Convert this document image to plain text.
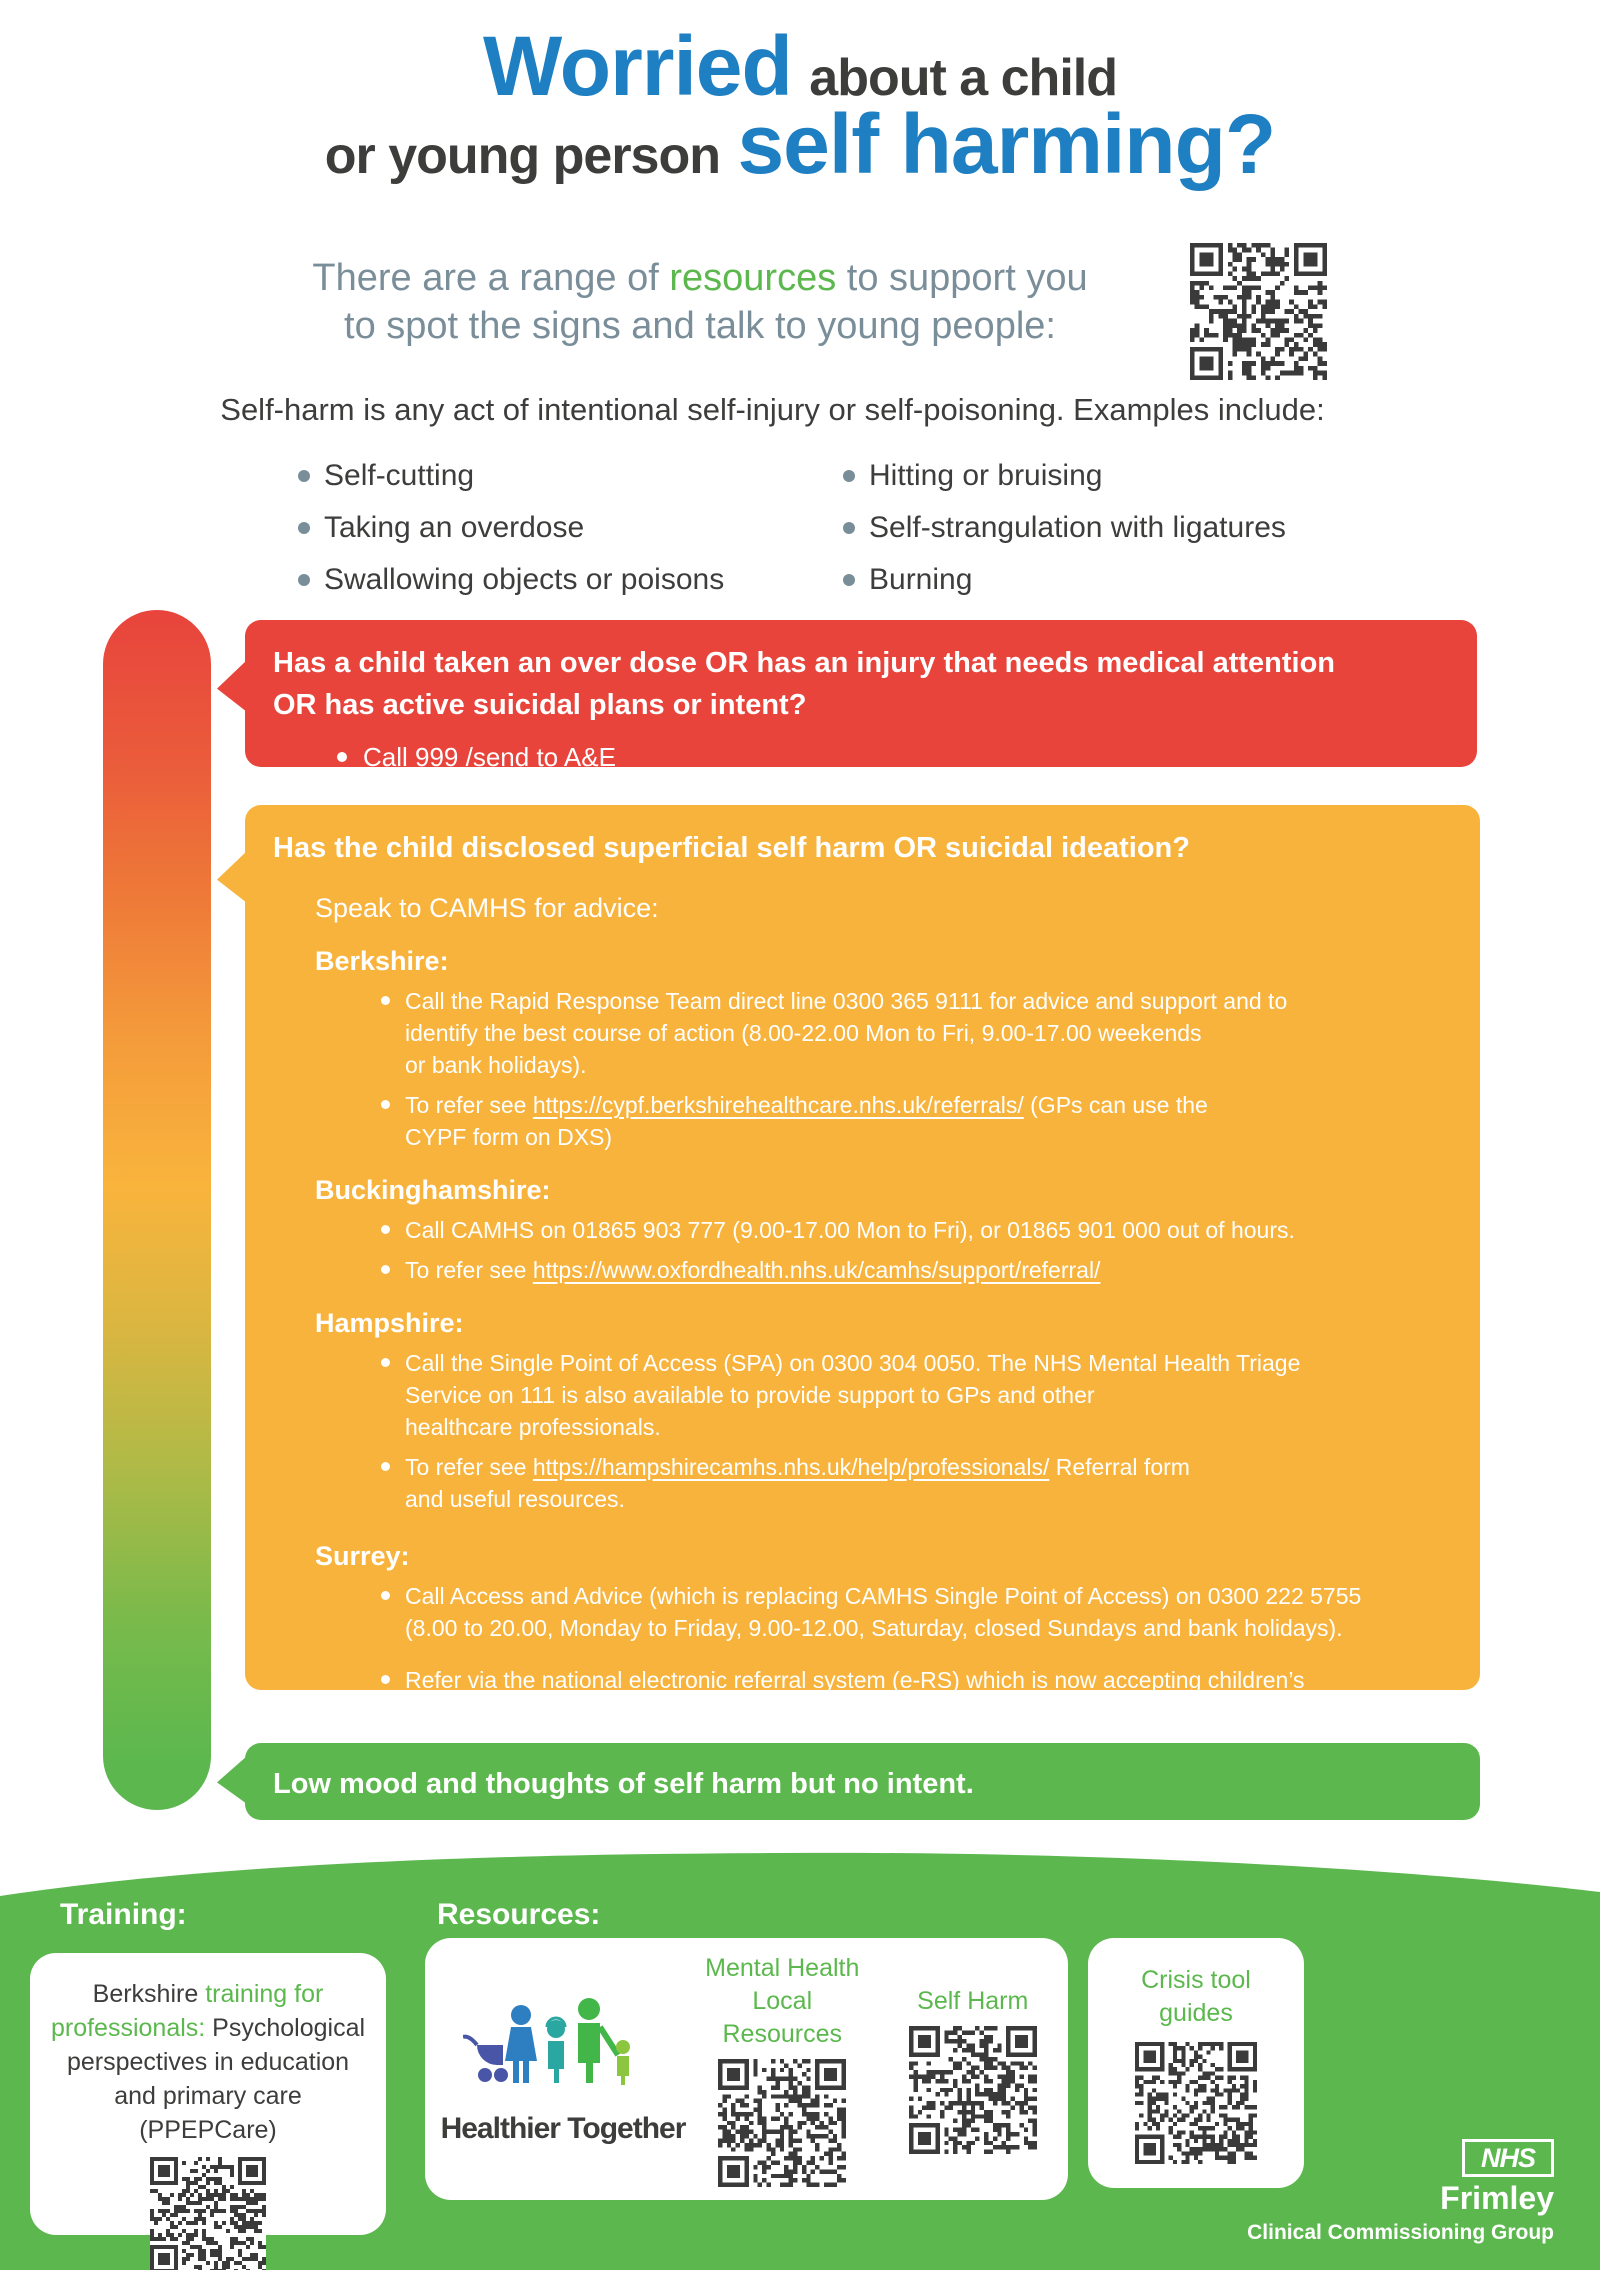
Worried about a child
or young person self harming?
There are a range of resources to support you
to spot the signs and talk to young people:
Self-harm is any act of intentional self-injury or self-poisoning. Examples include:
Self-cutting
Taking an overdose
Swallowing objects or poisons
Hitting or bruising
Self-strangulation with ligatures
Burning
Has a child taken an over dose OR has an injury that needs medical attention
OR has active suicidal plans or intent?
Call 999 /send to A&E
Has the child disclosed superficial self harm OR suicidal ideation?
Speak to CAMHS for advice:
Berkshire:
Call the Rapid Response Team direct line 0300 365 9111 for advice and support and to
identify the best course of action (8.00-22.00 Mon to Fri, 9.00-17.00 weekends
or bank holidays).
To refer see https://cypf.berkshirehealthcare.nhs.uk/referrals/ (GPs can use the
CYPF form on DXS)
Buckinghamshire:
Call CAMHS on 01865 903 777 (9.00-17.00 Mon to Fri), or 01865 901 000 out of hours.
To refer see https://www.oxfordhealth.nhs.uk/camhs/support/referral/
Hampshire:
Call the Single Point of Access (SPA) on 0300 304 0050. The NHS Mental Health Triage
Service on 111 is also available to provide support to GPs and other
healthcare professionals.
To refer see https://hampshirecamhs.nhs.uk/help/professionals/ Referral form
and useful resources.
Surrey:
Call Access and Advice (which is replacing CAMHS Single Point of Access) on 0300 222 5755
(8.00 to 20.00, Monday to Friday, 9.00-12.00, Saturday, closed Sundays and bank holidays).
Refer via the national electronic referral system (e-RS) which is now accepting children’s
referrals. Please note: you will not be able to use the link outside of an NHS service site. Or

Low mood and thoughts of self harm but no intent.
Training:	Resources:
Berkshire training for professionals: Psychological perspectives in education and primary care (PPEPCare)	Healthier Together
Mental Health Local Resources
Self Harm
Crisis tool guides
NHS
Frimley
Clinical Commissioning Group
